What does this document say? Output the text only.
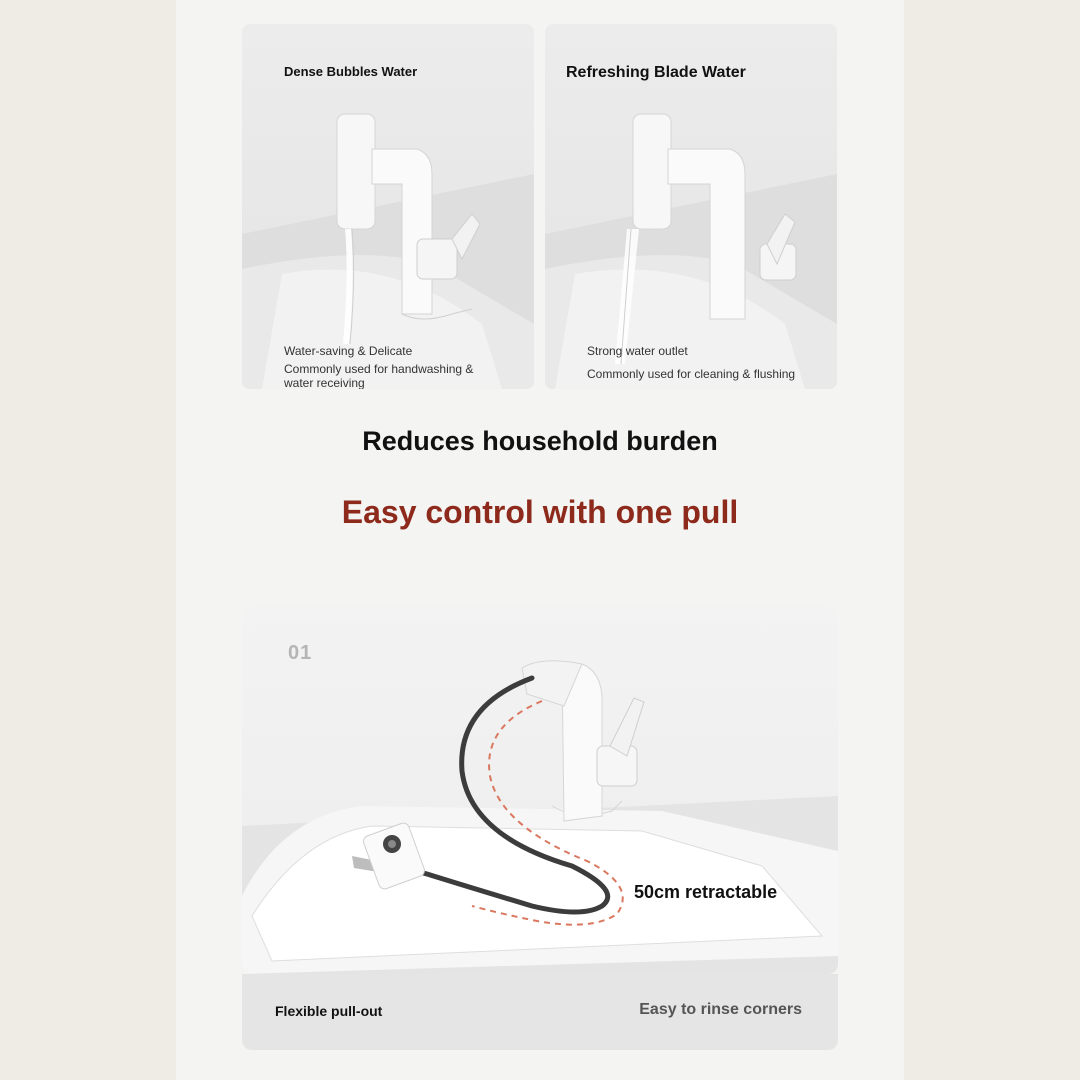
Dense Bubbles Water
Water-saving & Delicate
Commonly used for handwashing &
water receiving
Refreshing Blade Water
Strong water outlet
Commonly used for cleaning & flushing
Reduces household burden
Easy control with one pull
01
50cm retractable
Flexible pull-out	Easy to rinse corners
